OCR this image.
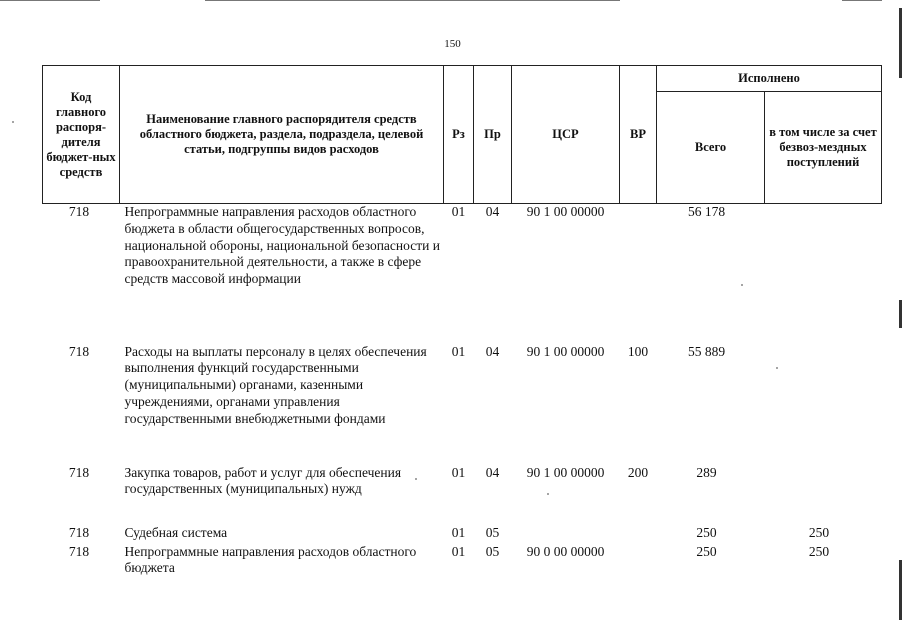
150
Код главного распоря-дителя бюджет-ных средств	Наименование главного распорядителя средств областного бюджета, раздела, подраздела, целевой статьи, подгруппы видов расходов	Рз	Пр	ЦСР	ВР	Исполнено	
						Всего	в том числе за счет безвоз-мездных поступлений
718	Непрограммные направления расходов областного бюджета в области общегосударственных вопросов, национальной обороны, национальной безопасности и правоохранительной деятельности, а также в сфере средств массовой информации	01	04	90 1 00 00000		56 178	
718	Расходы на выплаты персоналу в целях обеспечения выполнения функций государственными (муниципальными) органами, казенными учреждениями, органами управления государственными внебюджетными фондами	01	04	90 1 00 00000	100	55 889	
718	Закупка товаров, работ и услуг для обеспечения государственных (муниципальных) нужд	01	04	90 1 00 00000	200	289	
718	Судебная система	01	05			250	250
718	Непрограммные направления расходов областного бюджета	01	05	90 0 00 00000		250	250
